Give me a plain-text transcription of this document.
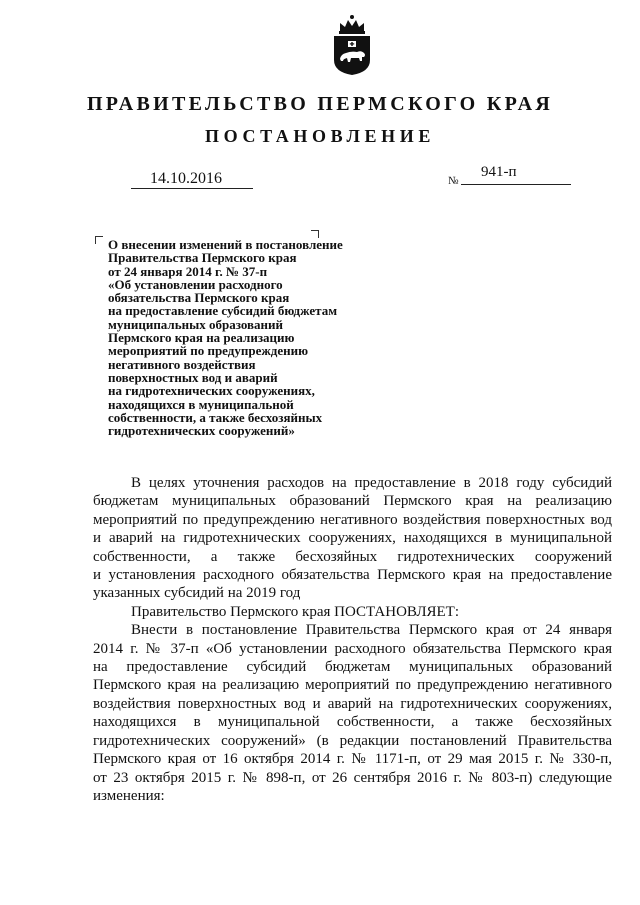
ПРАВИТЕЛЬСТВО ПЕРМСКОГО КРАЯ
ПОСТАНОВЛЕНИЕ
14.10.2016	№
941-п
О внесении изменений в постановление
Правительства Пермского края
от 24 января 2014 г. № 37-п
«Об установлении расходного
обязательства Пермского края
на предоставление субсидий бюджетам
муниципальных образований
Пермского края на реализацию
мероприятий по предупреждению
негативного воздействия
поверхностных вод и аварий
на гидротехнических сооружениях,
находящихся в муниципальной
собственности, а также бесхозяйных
гидротехнических сооружений»

В целях уточнения расходов на предоставление в 2018 году субсидий

бюджетам муниципальных образований Пермского края на реализацию

мероприятий по предупреждению негативного воздействия поверхностных вод

и аварий на гидротехнических сооружениях, находящихся в муниципальной

собственности, а также бесхозяйных гидротехнических сооружений

и установления расходного обязательства Пермского края на предоставление

указанных субсидий на 2019 год

Правительство Пермского края ПОСТАНОВЛЯЕТ:

Внести в постановление Правительства Пермского края от 24 января

2014 г. № 37-п «Об установлении расходного обязательства Пермского края

на предоставление субсидий бюджетам муниципальных образований

Пермского края на реализацию мероприятий по предупреждению негативного

воздействия поверхностных вод и аварий на гидротехнических сооружениях,

находящихся в муниципальной собственности, а также бесхозяйных

гидротехнических сооружений» (в редакции постановлений Правительства

Пермского края от 16 октября 2014 г. № 1171-п, от 29 мая 2015 г. № 330-п,

от 23 октября 2015 г. № 898-п, от 26 сентября 2016 г. № 803-п) следующие

изменения:
